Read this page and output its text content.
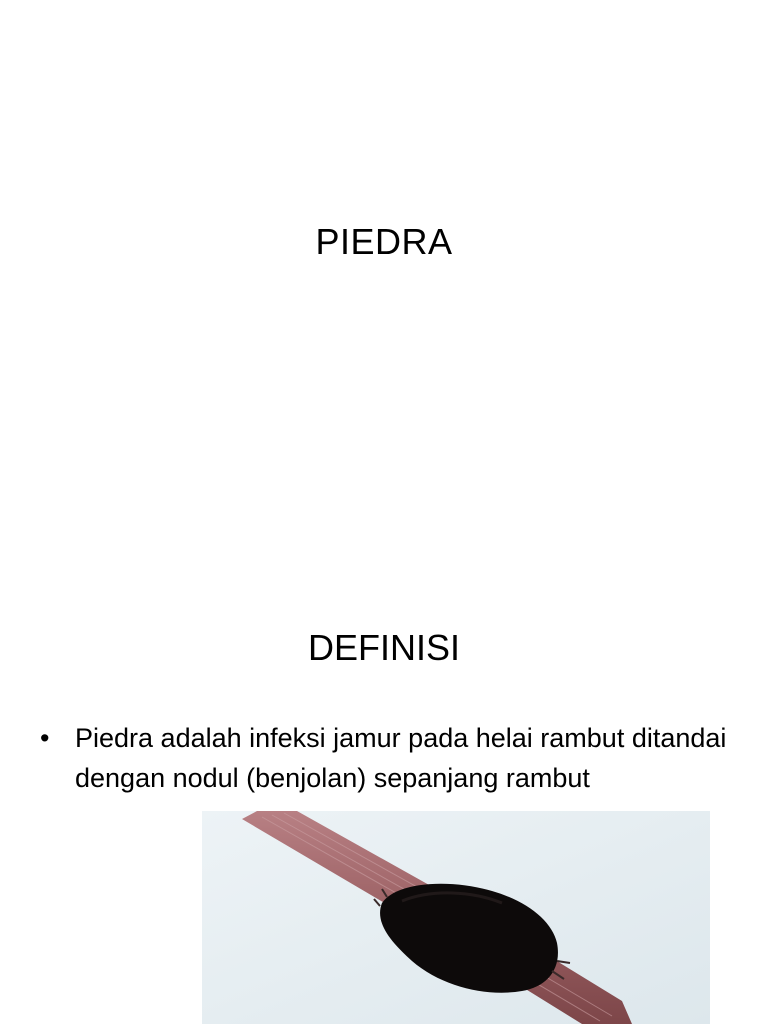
PIEDRA
DEFINISI
• Piedra adalah infeksi jamur pada helai rambut ditandai dengan nodul (benjolan) sepanjang rambut
